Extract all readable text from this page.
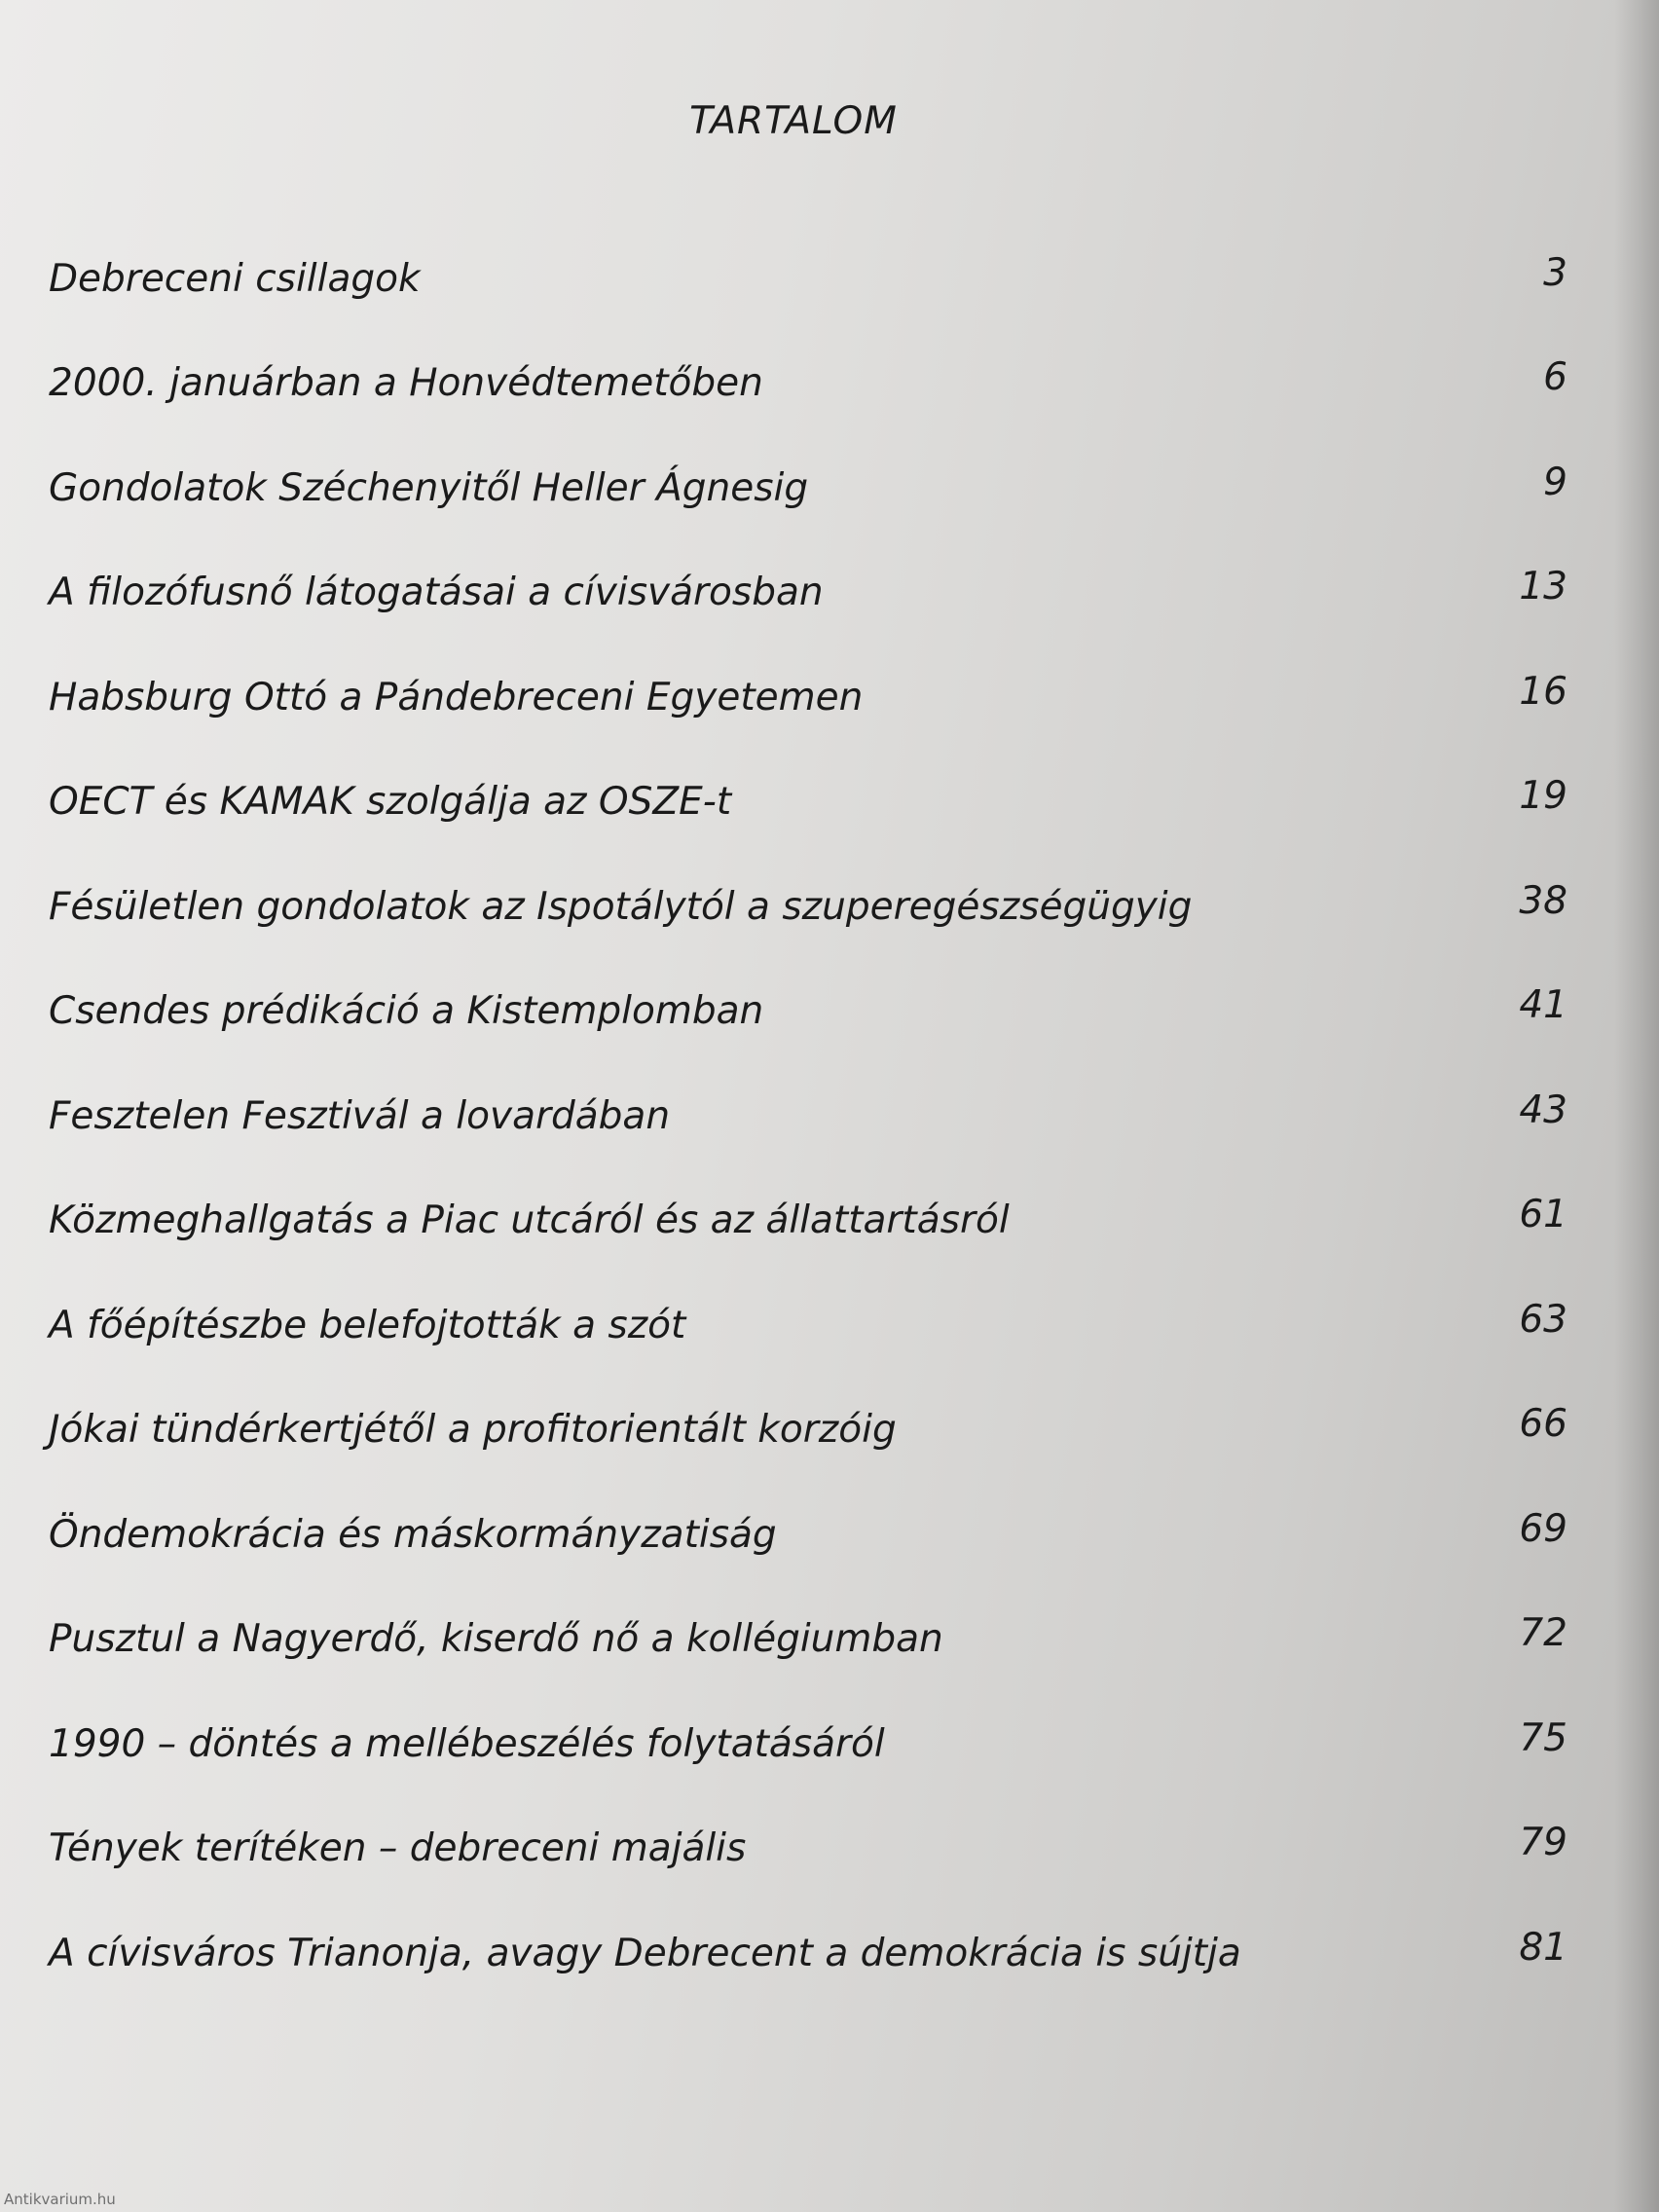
TARTALOM
Debreceni csillagok	3
2000. januárban a Honvédtemetőben	6
Gondolatok Széchenyitől Heller Ágnesig	9
A filozófusnő látogatásai a cívisvárosban	13
Habsburg Ottó a Pándebreceni Egyetemen	16
OECT és KAMAK szolgálja az OSZE-t	19
Fésületlen gondolatok az Ispotálytól a szuperegészségügyig	38
Csendes prédikáció a Kistemplomban	41
Fesztelen Fesztivál a lovardában	43
Közmeghallgatás a Piac utcáról és az állattartásról	61
A főépítészbe belefojtották a szót	63
Jókai tündérkertjétől a profitorientált korzóig	66
Öndemokrácia és máskormányzatiság	69
Pusztul a Nagyerdő, kiserdő nő a kollégiumban	72
1990 – döntés a mellébeszélés folytatásáról	75
Tények terítéken – debreceni majális	79
A cívisváros Trianonja, avagy Debrecent a demokrácia is sújtja	81
Antikvarium.hu
